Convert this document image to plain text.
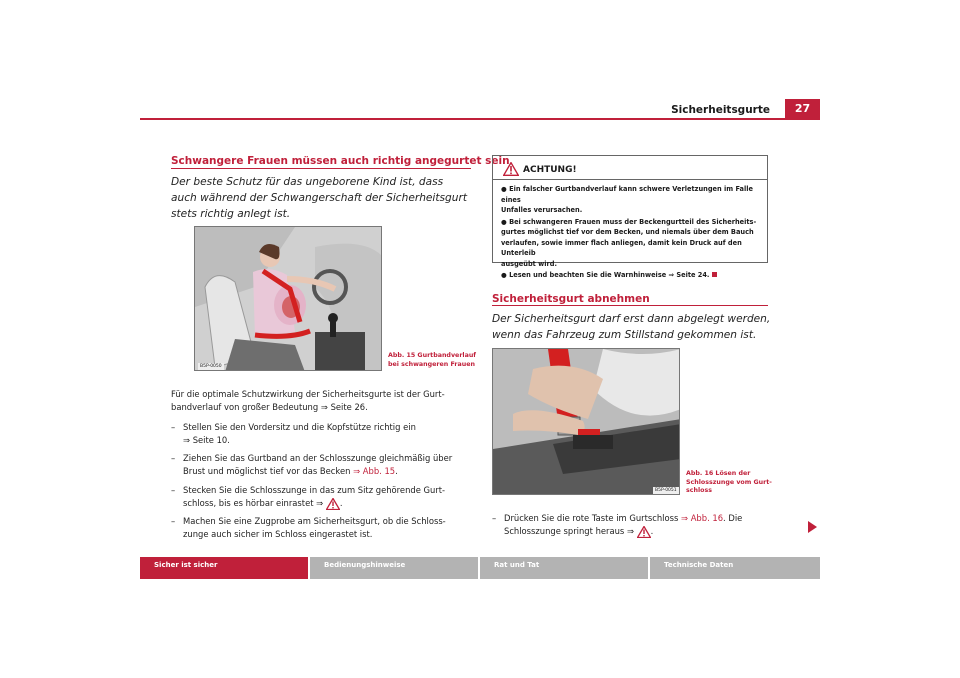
Sicherheitsgurte	27
Schwangere Frauen müssen auch richtig angegurtet sein
Der beste Schutz für das ungeborene Kind ist, dass auch während der Schwangerschaft der Sicherheitsgurt stets richtig anlegt ist.
B5P-0050
Abb. 15 Gurtbandverlauf
bei schwangeren Frauen
Für die optimale Schutzwirkung der Sicherheitsgurte ist der Gurt-
bandverlauf von großer Bedeutung ⇒ Seite 26.
– Stellen Sie den Vordersitz und die Kopfstütze richtig ein
⇒ Seite 10.
– Ziehen Sie das Gurtband an der Schlosszunge gleichmäßig über
Brust und möglichst tief vor das Becken ⇒ Abb. 15.
– Stecken Sie die Schlosszunge in das zum Sitz gehörende Gurt-
schloss, bis es hörbar einrastet ⇒ .
– Machen Sie eine Zugprobe am Sicherheitsgurt, ob die Schloss-
zunge auch sicher im Schloss eingerastet ist.
ACHTUNG!
● Ein falscher Gurtbandverlauf kann schwere Verletzungen im Falle eines
Unfalles verursachen.
● Bei schwangeren Frauen muss der Beckengurtteil des Sicherheits-
gurtes möglichst tief vor dem Becken, und niemals über dem Bauch
verlaufen, sowie immer flach anliegen, damit kein Druck auf den Unterleib
ausgeübt wird.
● Lesen und beachten Sie die Warnhinweise ⇒ Seite 24.
Sicherheitsgurt abnehmen
Der Sicherheitsgurt darf erst dann abgelegt werden, wenn das Fahrzeug zum Stillstand gekommen ist.
B5P-0051
Abb. 16 Lösen der
Schlosszunge vom Gurt-
schloss
– Drücken Sie die rote Taste im Gurtschloss ⇒ Abb. 16. Die
Schlosszunge springt heraus ⇒ .
Sicher ist sicher	Bedienungshinweise	Rat und Tat	Technische Daten
